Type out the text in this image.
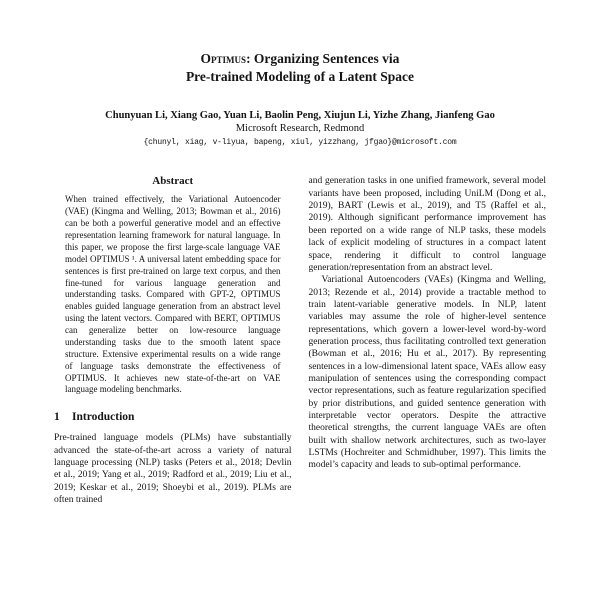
Optimus: Organizing Sentences via
Pre-trained Modeling of a Latent Space
Chunyuan Li, Xiang Gao, Yuan Li, Baolin Peng, Xiujun Li, Yizhe Zhang, Jianfeng Gao
Microsoft Research, Redmond
{chunyl, xiag, v-liyua, bapeng, xiul, yizzhang, jfgao}@microsoft.com
Abstract

When trained effectively, the Variational Autoencoder (VAE) (Kingma and Welling, 2013; Bowman et al., 2016) can be both a powerful generative model and an effective representation learning framework for natural language. In this paper, we propose the first large-scale language VAE model OPTIMUS ¹. A universal latent embedding space for sentences is first pre-trained on large text corpus, and then fine-tuned for various language generation and understanding tasks. Compared with GPT-2, OPTIMUS enables guided language generation from an abstract level using the latent vectors. Compared with BERT, OPTIMUS can generalize better on low-resource language understanding tasks due to the smooth latent space structure. Extensive experimental results on a wide range of language tasks demonstrate the effectiveness of OPTIMUS. It achieves new state-of-the-art on VAE language modeling benchmarks.

1 Introduction

Pre-trained language models (PLMs) have substantially advanced the state-of-the-art across a variety of natural language processing (NLP) tasks (Peters et al., 2018; Devlin et al., 2019; Yang et al., 2019; Radford et al., 2019; Liu et al., 2019; Keskar et al., 2019; Shoeybi et al., 2019). PLMs are often trained

and generation tasks in one unified framework, several model variants have been proposed, including UniLM (Dong et al., 2019), BART (Lewis et al., 2019), and T5 (Raffel et al., 2019). Although significant performance improvement has been reported on a wide range of NLP tasks, these models lack of explicit modeling of structures in a compact latent space, rendering it difficult to control language generation/representation from an abstract level.

Variational Autoencoders (VAEs) (Kingma and Welling, 2013; Rezende et al., 2014) provide a tractable method to train latent-variable generative models. In NLP, latent variables may assume the role of higher-level sentence representations, which govern a lower-level word-by-word generation process, thus facilitating controlled text generation (Bowman et al., 2016; Hu et al., 2017). By representing sentences in a low-dimensional latent space, VAEs allow easy manipulation of sentences using the corresponding compact vector representations, such as feature regularization specified by prior distributions, and guided sentence generation with interpretable vector operators. Despite the attractive theoretical strengths, the current language VAEs are often built with shallow network architectures, such as two-layer LSTMs (Hochreiter and Schmidhuber, 1997). This limits the model’s capacity and leads to sub-optimal performance.
